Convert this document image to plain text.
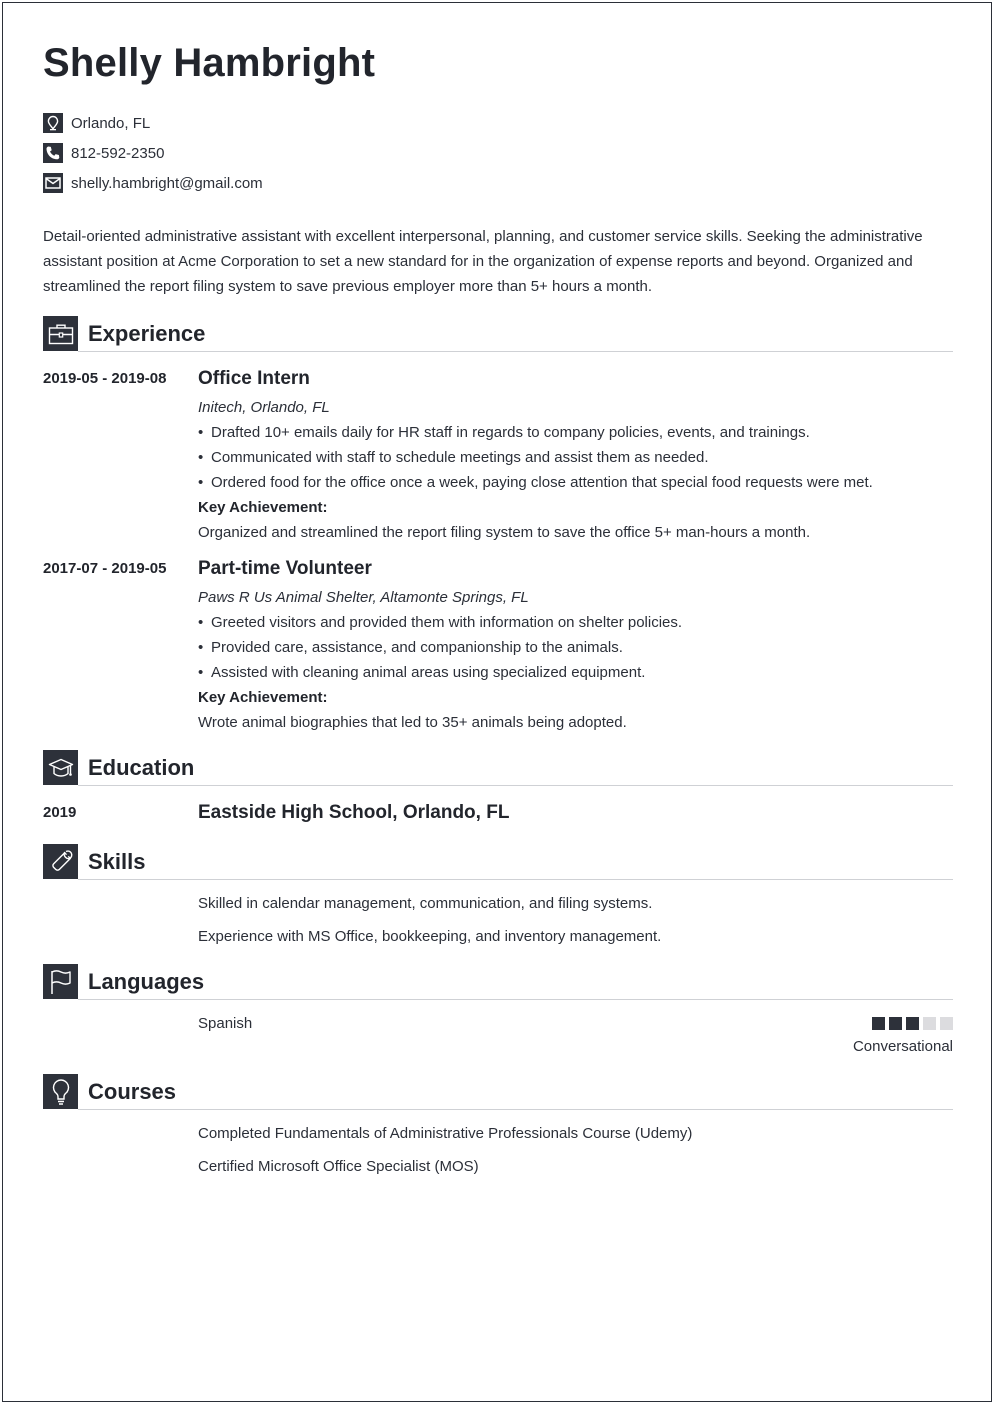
Shelly Hambright
Orlando, FL
812-592-2350
shelly.hambright@gmail.com
Detail-oriented administrative assistant with excellent interpersonal, planning, and customer service skills. Seeking the administrative assistant position at Acme Corporation to set a new standard for in the organization of expense reports and beyond. Organized and streamlined the report filing system to save previous employer more than 5+ hours a month.
Experience
2019-05 - 2019-08 Office Intern
Initech, Orlando, FL
• Drafted 10+ emails daily for HR staff in regards to company policies, events, and trainings.
• Communicated with staff to schedule meetings and assist them as needed.
• Ordered food for the office once a week, paying close attention that special food requests were met.
Key Achievement:
Organized and streamlined the report filing system to save the office 5+ man-hours a month.
2017-07 - 2019-05 Part-time Volunteer
Paws R Us Animal Shelter, Altamonte Springs, FL
• Greeted visitors and provided them with information on shelter policies.
• Provided care, assistance, and companionship to the animals.
• Assisted with cleaning animal areas using specialized equipment.
Key Achievement:
Wrote animal biographies that led to 35+ animals being adopted.
Education
2019	Eastside High School, Orlando, FL
Skills
Skilled in calendar management, communication, and filing systems.
Experience with MS Office, bookkeeping, and inventory management.
Languages
Spanish
Conversational
Courses
Completed Fundamentals of Administrative Professionals Course (Udemy)
Certified Microsoft Office Specialist (MOS)
